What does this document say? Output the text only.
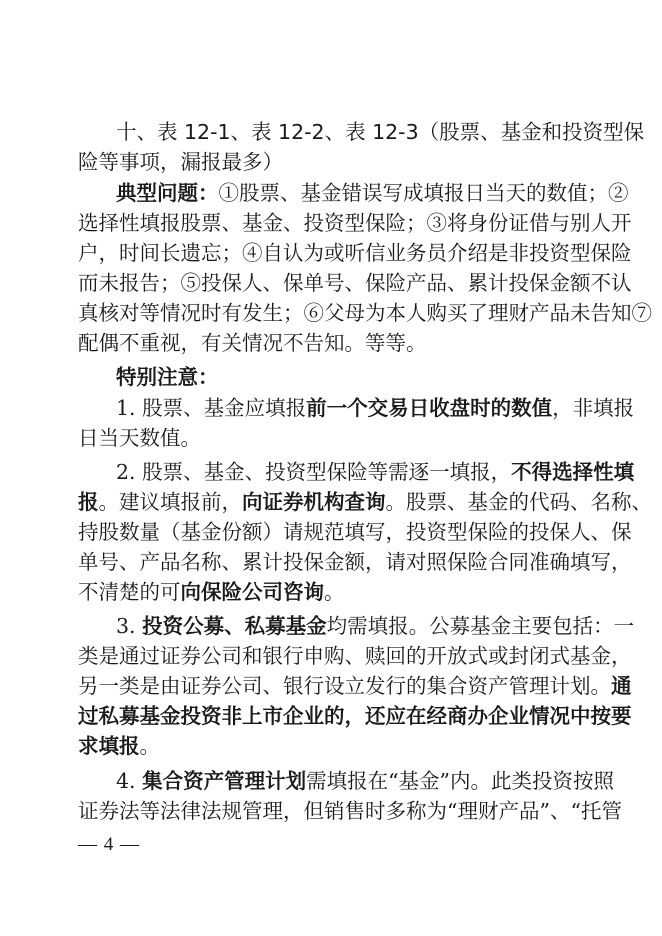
十、表 12-1、表 12-2、表 12-3（股票、基金和投资型保
险等事项，漏报最多）
典型问题：①股票、基金错误写成填报日当天的数值；②
选择性填报股票、基金、投资型保险；③将身份证借与别人开
户，时间长遗忘；④自认为或听信业务员介绍是非投资型保险
而未报告；⑤投保人、保单号、保险产品、累计投保金额不认
真核对等情况时有发生；⑥父母为本人购买了理财产品未告知⑦
配偶不重视，有关情况不告知。等等。
特别注意：
1. 股票、基金应填报前一个交易日收盘时的数值，非填报
日当天数值。
2. 股票、基金、投资型保险等需逐一填报，不得选择性填
报。建议填报前，向证券机构查询。股票、基金的代码、名称、
持股数量（基金份额）请规范填写，投资型保险的投保人、保
单号、产品名称、累计投保金额，请对照保险合同准确填写，
不清楚的可向保险公司咨询。
3. 投资公募、私募基金均需填报。公募基金主要包括：一
类是通过证券公司和银行申购、赎回的开放式或封闭式基金，
另一类是由证券公司、银行设立发行的集合资产管理计划。通
过私募基金投资非上市企业的，还应在经商办企业情况中按要
求填报。
4. 集合资产管理计划需填报在“基金”内。此类投资按照
证券法等法律法规管理，但销售时多称为“理财产品”、“托管
— 4 —
